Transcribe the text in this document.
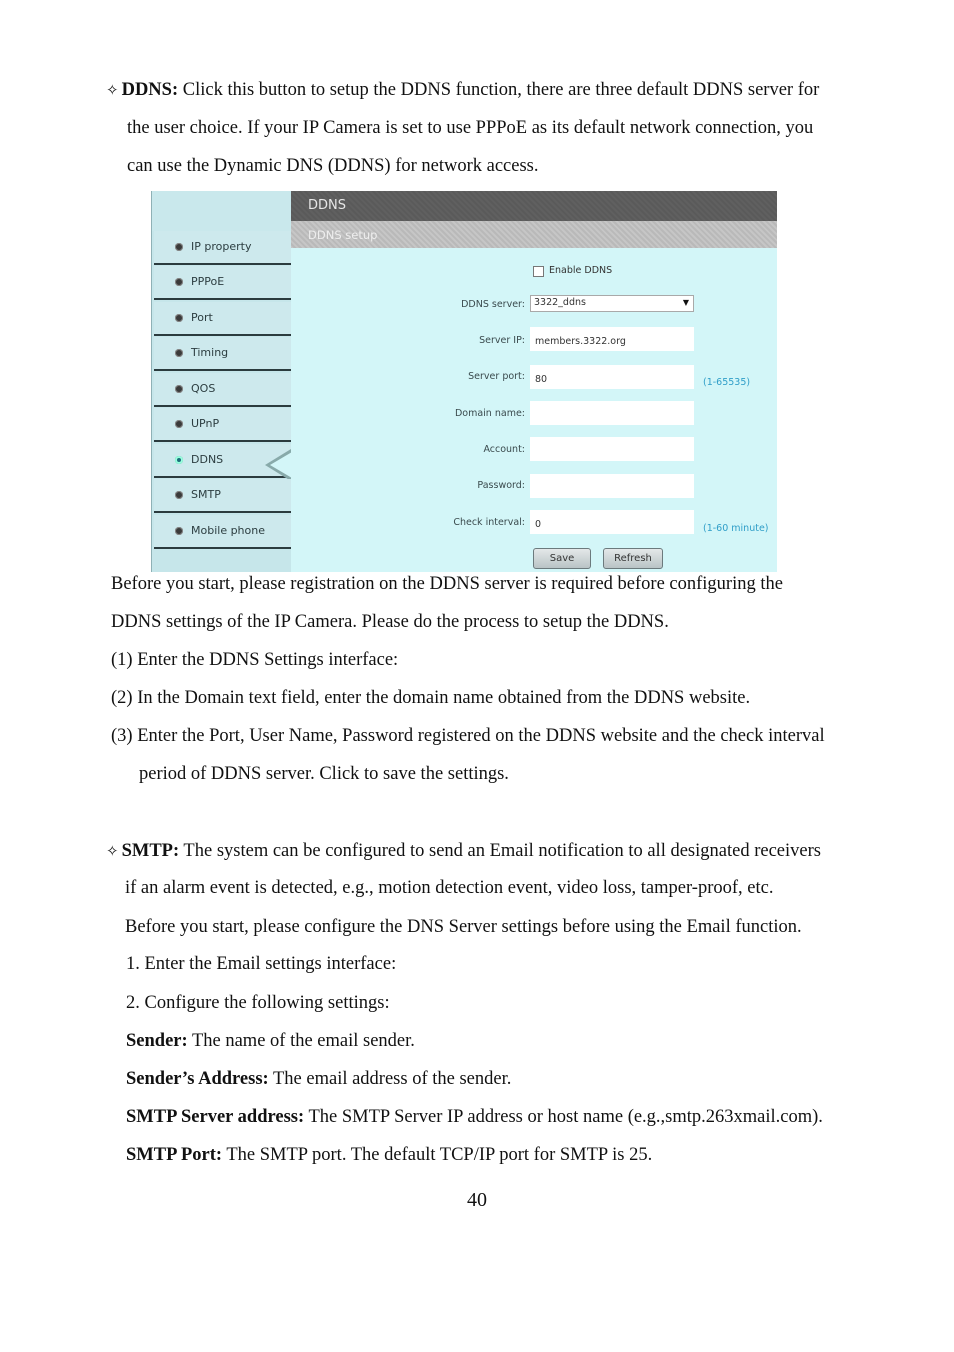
✧ DDNS: Click this button to setup the DDNS function, there are three default DDNS server for
the user choice. If your IP Camera is set to use PPPoE as its default network connection, you
can use the Dynamic DNS (DDNS) for network access.
IP property
PPPoE
Port
Timing
QOS
UPnP
DDNS
SMTP
Mobile phone
DDNS
DDNS setup
Enable DDNS
DDNS server: 3322_ddns	▼
Server IP:	members.3322.org
Server port:	80	(1-65535)
Domain name:
Account:
Password:
Check interval:	0	(1-60 minute)
Save	Refresh
Before you start, please registration on the DDNS server is required before configuring the
DDNS settings of the IP Camera. Please do the process to setup the DDNS.
(1) Enter the DDNS Settings interface:
(2) In the Domain text field, enter the domain name obtained from the DDNS website.
(3) Enter the Port, User Name, Password registered on the DDNS website and the check interval
period of DDNS server. Click to save the settings.
✧ SMTP: The system can be configured to send an Email notification to all designated receivers
if an alarm event is detected, e.g., motion detection event, video loss, tamper-proof, etc.
Before you start, please configure the DNS Server settings before using the Email function.
1. Enter the Email settings interface:
2. Configure the following settings:
Sender: The name of the email sender.
Sender’s Address: The email address of the sender.
SMTP Server address: The SMTP Server IP address or host name (e.g.,smtp.263xmail.com).
SMTP Port: The SMTP port. The default TCP/IP port for SMTP is 25.
40
